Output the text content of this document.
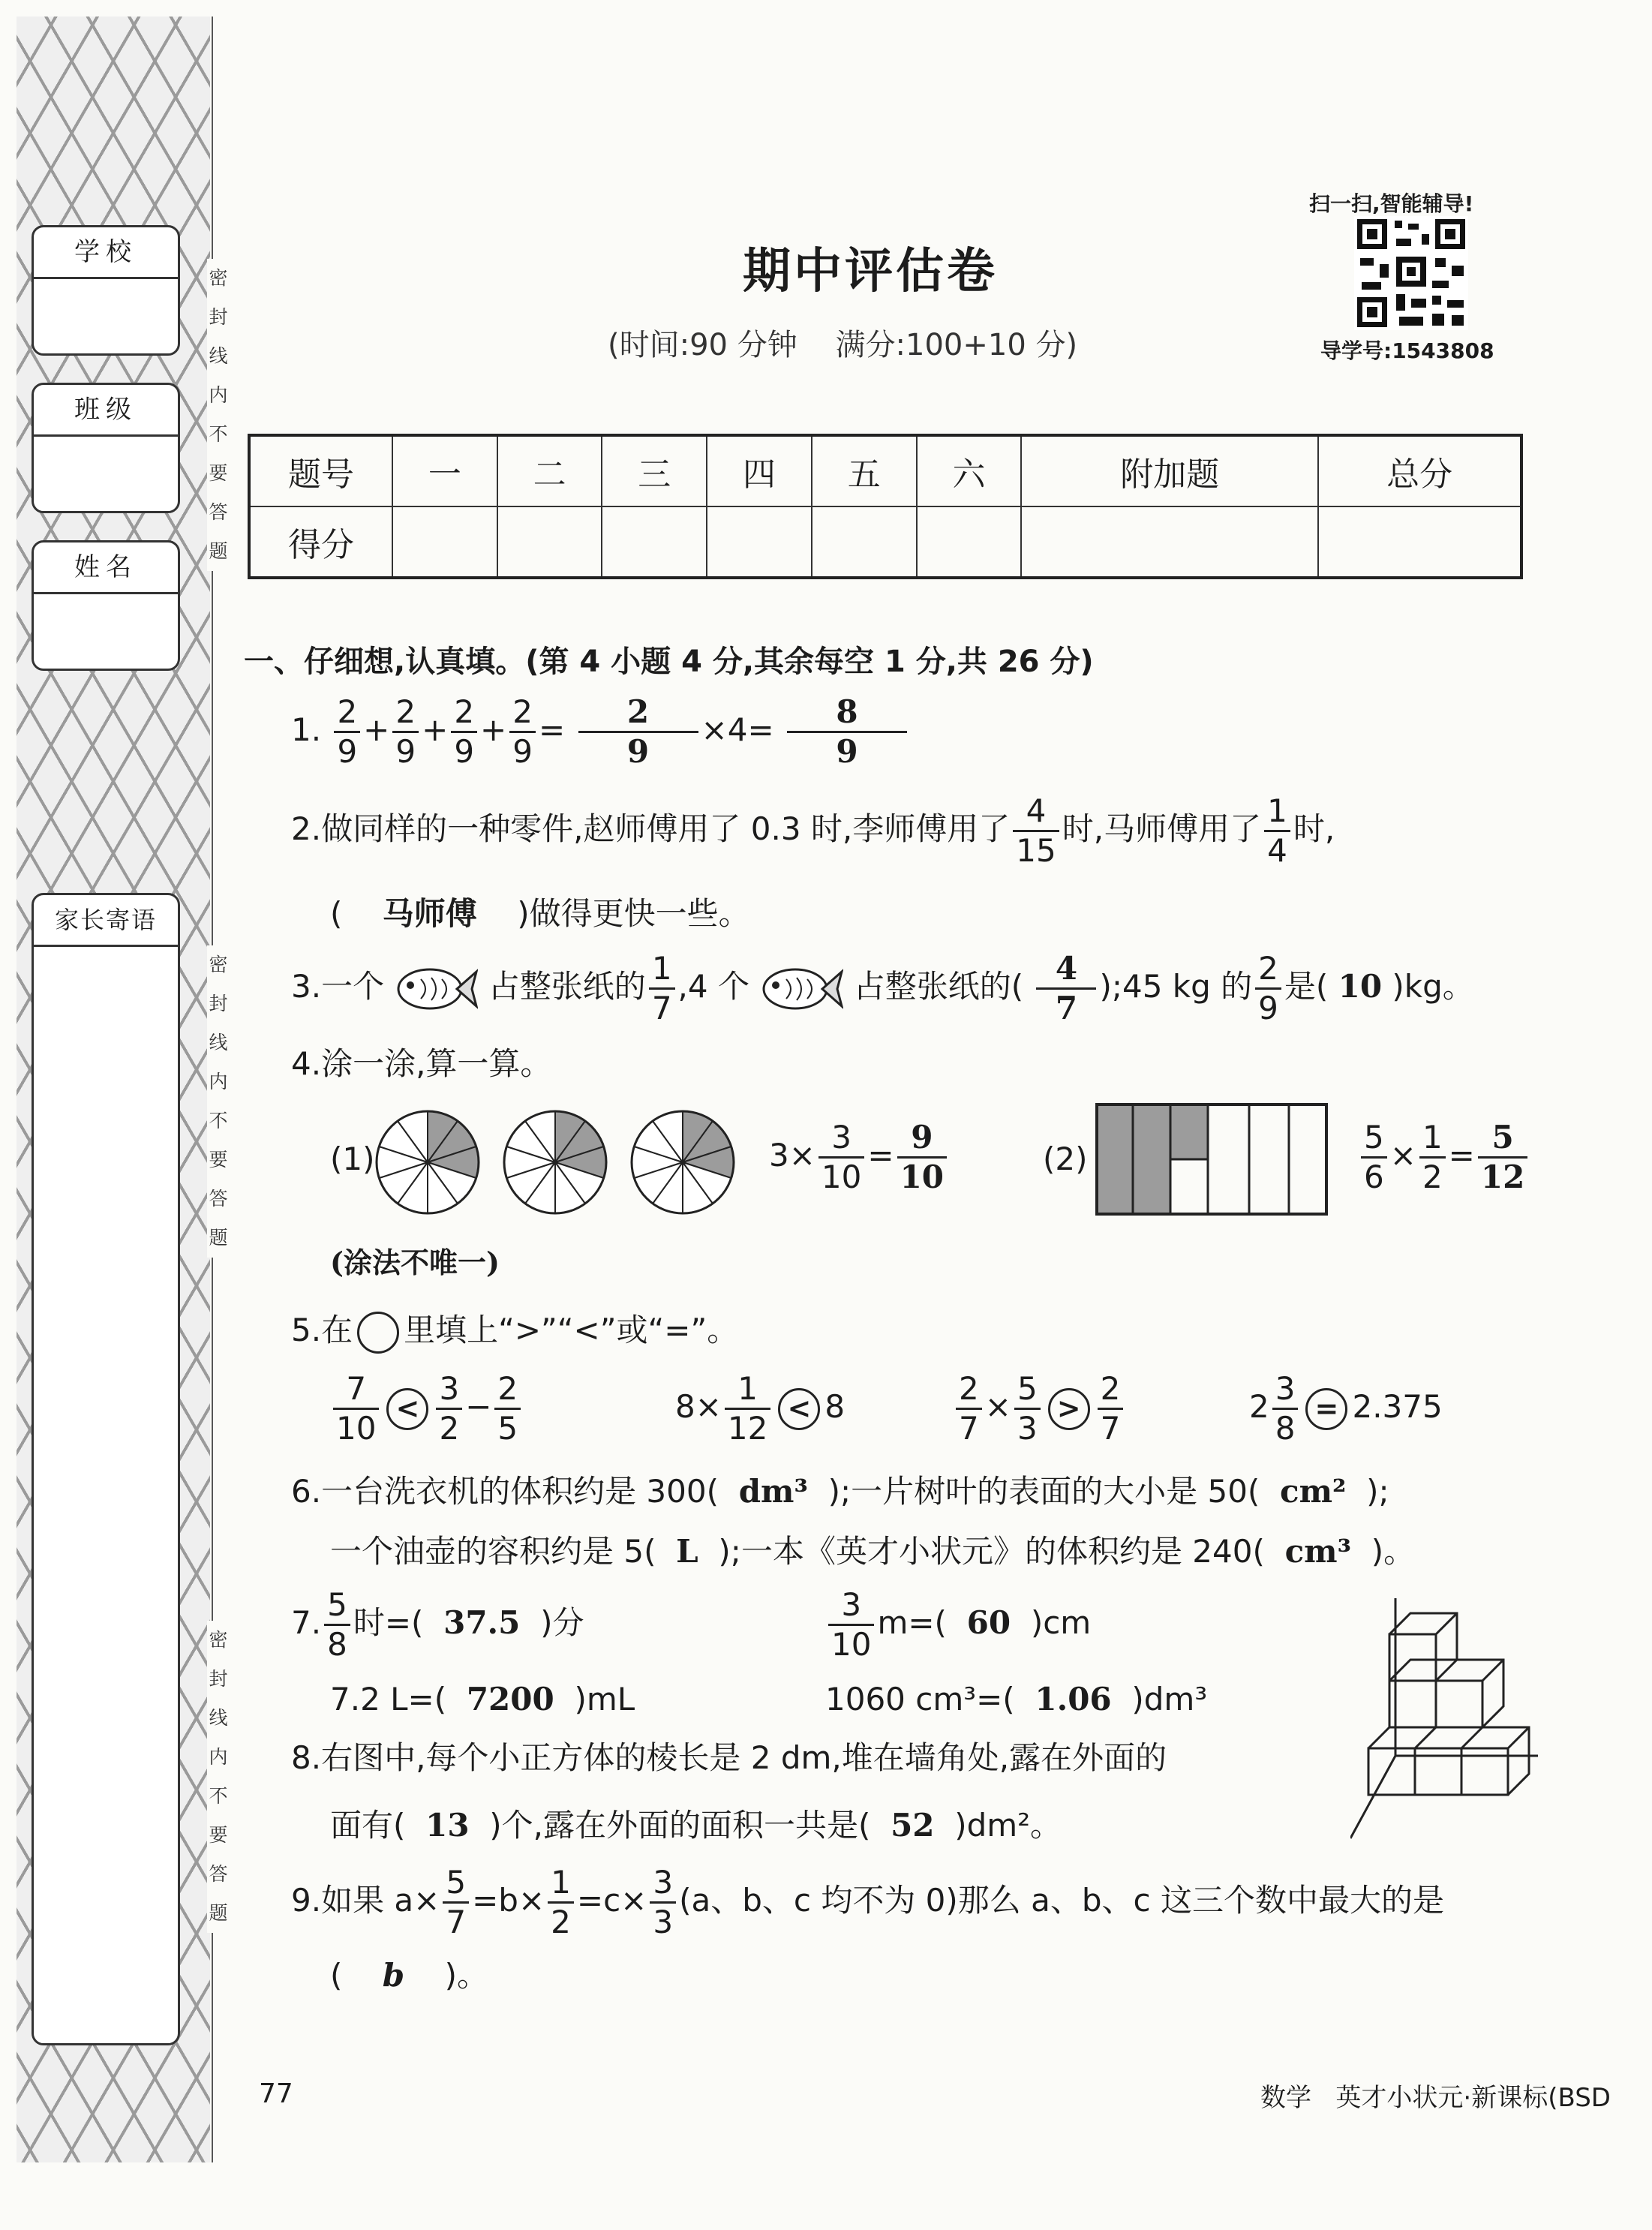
学校
班级
姓名
家长寄语
密
封
线
内
不
要
答
题
密
封
线
内
不
要
答
题
密
封
线
内
不
要
答
题
期中评估卷
(时间:90 分钟    满分:100+10 分)
扫一扫,智能辅导!
导学号:1543808
题号	一	二	三	四	五	六	附加题	总分
得分								
一、仔细想,认真填。(第 4 小题 4 分,其余每空 1 分,共 26 分)
1. $\frac{2}{9} + \frac{2}{9} + \frac{2}{9} + \frac{2}{9} = \frac{2}{9} \times 4= \frac{8}{9}$
2.做同样的一种零件,赵师傅用了 0.3 时,李师傅用了 $\frac{4}{15}$ 时,马师傅用了 $\frac{1}{4}$ 时,
(    马师傅    )做得更快一些。
3.一个	占整张纸的 $\frac{1}{7} ,4$ 个	占整张纸的( $\frac{4}{7}$ );45 kg 的 $\frac{2}{9}$ 是( 10 )kg。
4.涂一涂,算一算。
(1)	$3\times \frac{3}{10} = \frac{9}{10}$	(2)	$\frac{5}{6} \times \frac{1}{2} = \frac{5}{12}$
(涂法不唯一)
5.在 里填上“>”“<”或“=”。
$\frac{7}{10} < \frac{3}{2} - \frac{2}{5}$	$8\times \frac{1}{12} < 8$	$\frac{2}{7} \times \frac{5}{3} > \frac{2}{7}$	$2 \frac{3}{8} = 2.375$
6.一台洗衣机的体积约是 300( dm³ );一片树叶的表面的大小是 50( cm² );
一个油壶的容积约是 5( L );一本《英才小状元》的体积约是 240( cm³ )。
7. $\frac{5}{8}$ 时=( 37.5 )分	$\frac{3}{10} m=$( 60 )cm
7.2 L=( 7200 )mL	1060 cm³=( 1.06 )dm³
8.右图中,每个小正方体的棱长是 2 dm,堆在墙角处,露在外面的
面有( 13 )个,露在外面的面积一共是( 52 )dm²。
9.如果 $a\times \frac{5}{7} =b\times \frac{1}{2} =c\times \frac{3}{3} (a$、b、c 均不为 0)那么 a、b、c 这三个数中最大的是
(    b    )。
77	数学   英才小状元·新课标(BSD
